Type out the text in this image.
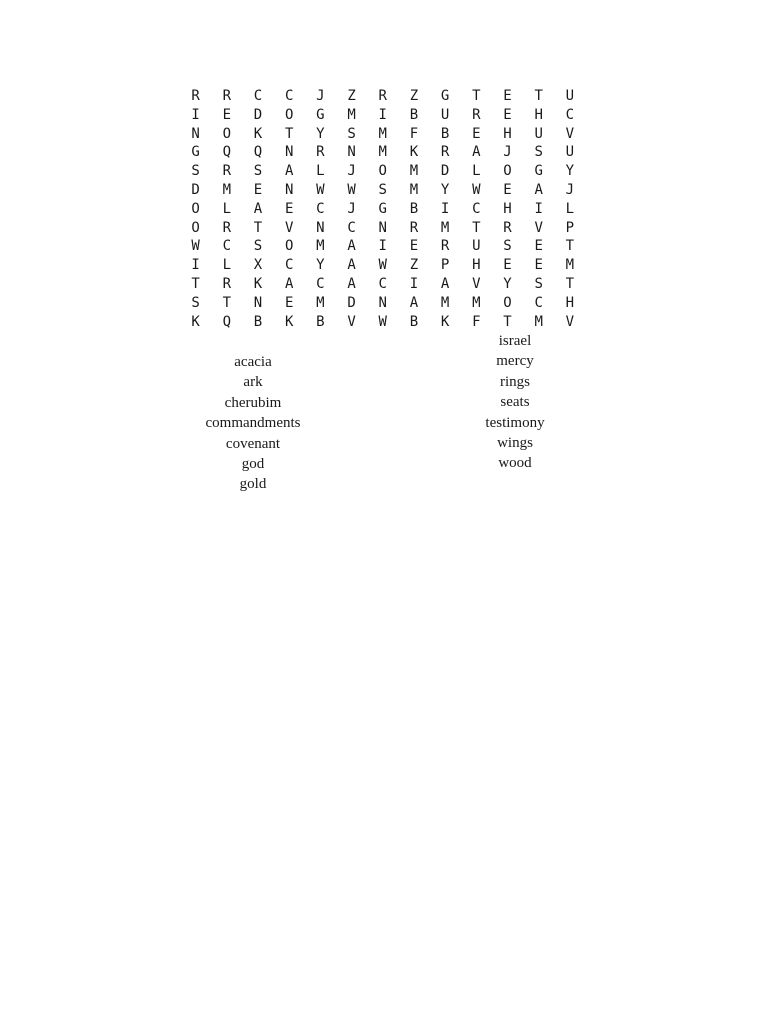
R	R	C	C	J	Z	R	Z	G	T	E	T	U
I	E	D	O	G	M	I	B	U	R	E	H	C
N	O	K	T	Y	S	M	F	B	E	H	U	V
G	Q	Q	N	R	N	M	K	R	A	J	S	U
S	R	S	A	L	J	O	M	D	L	O	G	Y
D	M	E	N	W	W	S	M	Y	W	E	A	J
O	L	A	E	C	J	G	B	I	C	H	I	L
O	R	T	V	N	C	N	R	M	T	R	V	P
W	C	S	O	M	A	I	E	R	U	S	E	T
I	L	X	C	Y	A	W	Z	P	H	E	E	M
T	R	K	A	C	A	C	I	A	V	Y	S	T
S	T	N	E	M	D	N	A	M	M	O	C	H
K	Q	B	K	B	V	W	B	K	F	T	M	V
acacia
ark
cherubim
commandments
covenant
god
gold
israel
mercy
rings
seats
testimony
wings
wood
